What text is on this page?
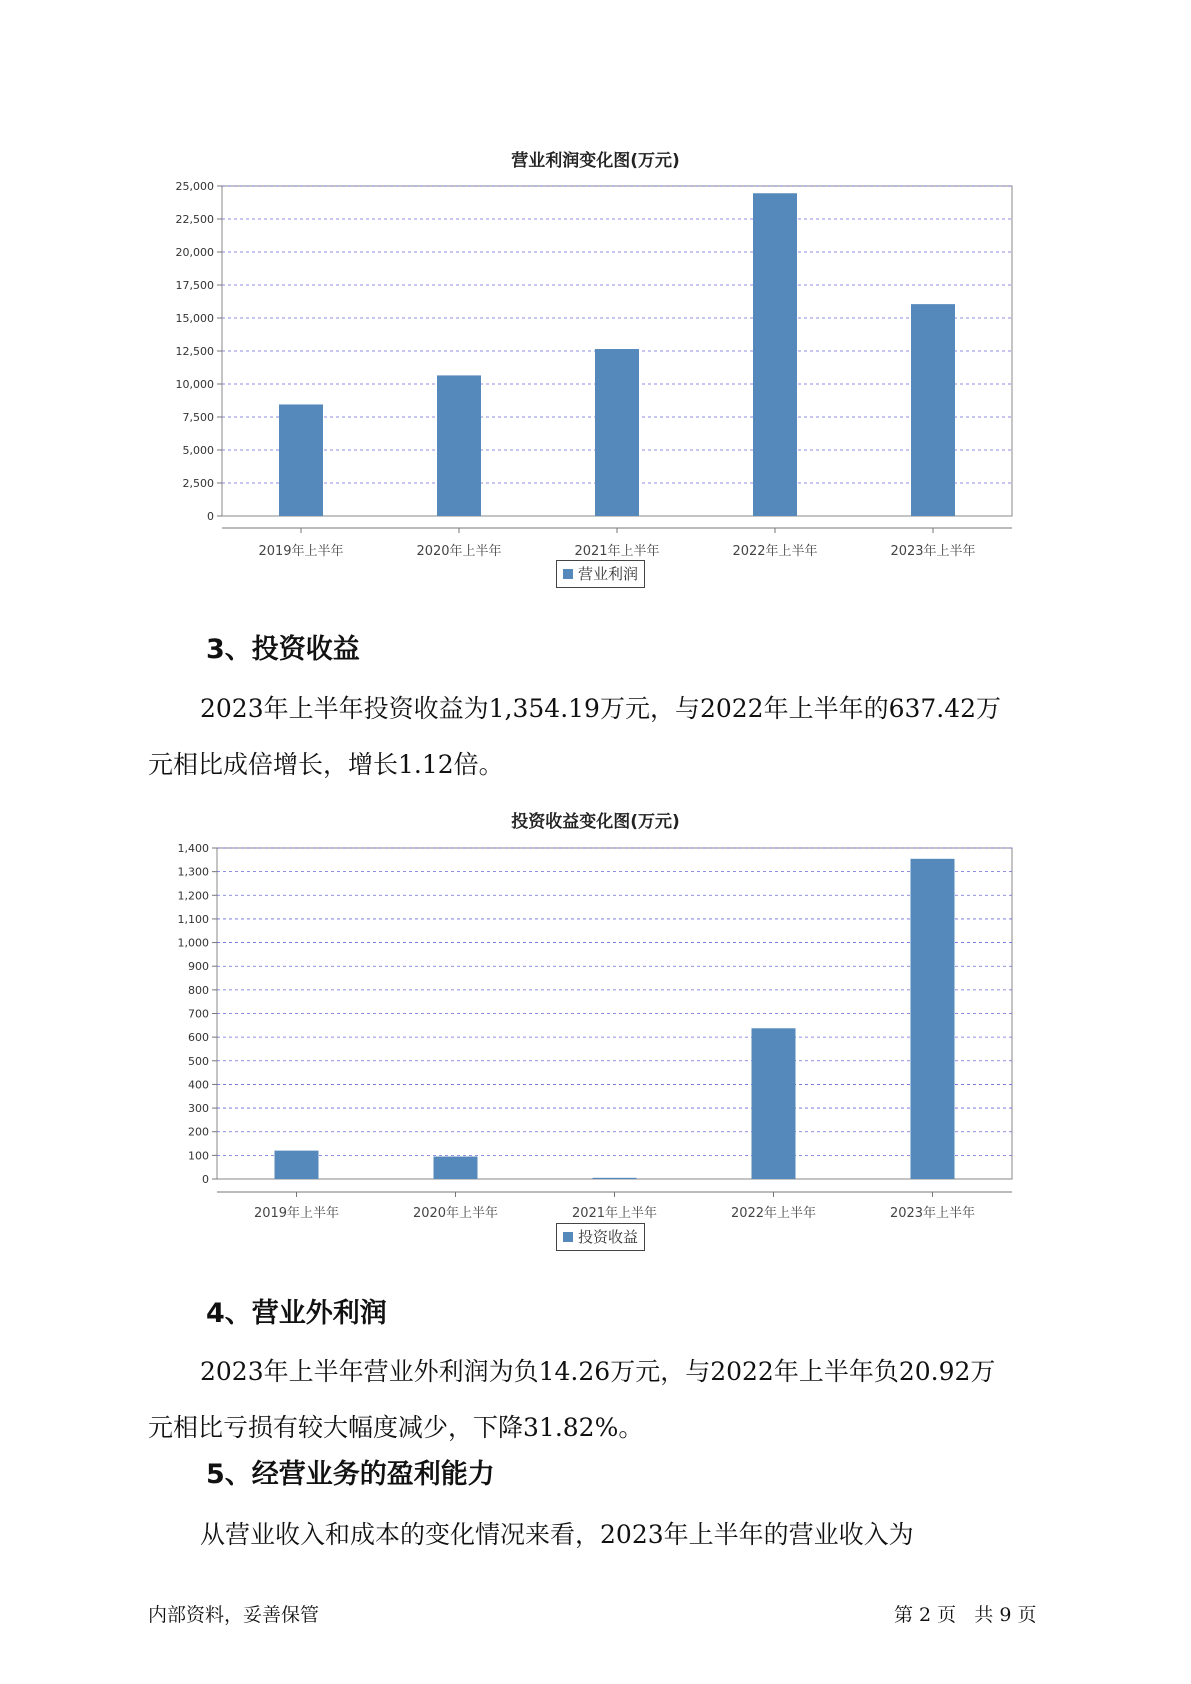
营业利润变化图(万元)
0
2,500
5,000
7,500
10,000
12,500
15,000
17,500
20,000
22,500
25,000
2019年上半年	2020年上半年	2021年上半年	2022年上半年	2023年上半年
营业利润
3、投资收益
2023年上半年投资收益为1,354.19万元，与2022年上半年的637.42万
元相比成倍增长，增长1.12倍。
投资收益变化图(万元)
0
100
200
300
400
500
600
700
800
900
1,000
1,100
1,200
1,300
1,400
2019年上半年	2020年上半年	2021年上半年	2022年上半年	2023年上半年
投资收益
4、营业外利润
2023年上半年营业外利润为负14.26万元，与2022年上半年负20.92万
元相比亏损有较大幅度减少，下降31.82%。
5、经营业务的盈利能力
从营业收入和成本的变化情况来看，2023年上半年的营业收入为
内部资料，妥善保管	第 2 页   共 9 页
